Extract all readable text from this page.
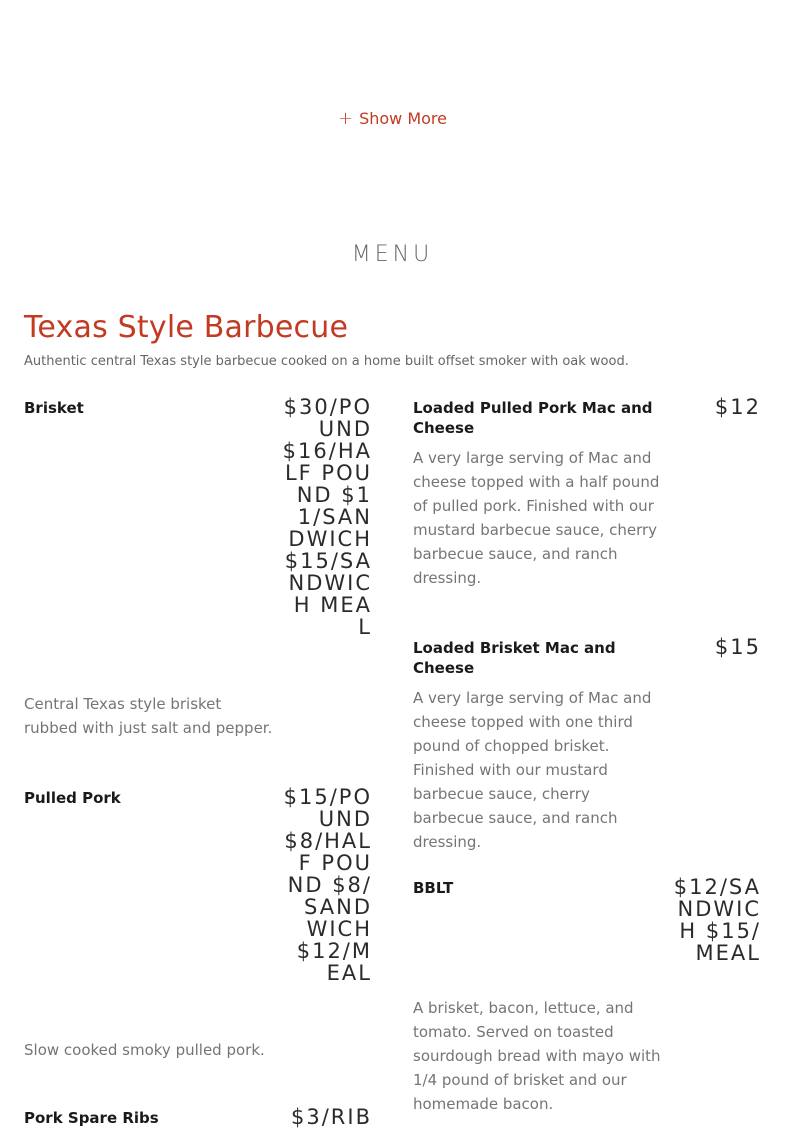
+ Show More
MENU
Texas Style Barbecue
Authentic central Texas style barbecue cooked on a home built offset smoker with oak wood.
Brisket	$30/POUND $16/HALF POUND $11/SANDWICH $15/SANDWICH MEAL
Central Texas style brisket rubbed with just salt and pepper.
Pulled Pork	$15/POUND $8/HALF POUND $8/SANDWICH $12/MEAL
Slow cooked smoky pulled pork.
Pork Spare Ribs	$3/RIB
Loaded Pulled Pork Mac and Cheese
$12
A very large serving of Mac and cheese topped with a half pound of pulled pork. Finished with our mustard barbecue sauce, cherry barbecue sauce, and ranch dressing.
Loaded Brisket Mac and Cheese
$15
A very large serving of Mac and cheese topped with one third pound of chopped brisket. Finished with our mustard barbecue sauce, cherry barbecue sauce, and ranch dressing.
BBLT	$12/SANDWICH $15/MEAL
A brisket, bacon, lettuce, and tomato. Served on toasted sourdough bread with mayo with 1/4 pound of brisket and our homemade bacon.
